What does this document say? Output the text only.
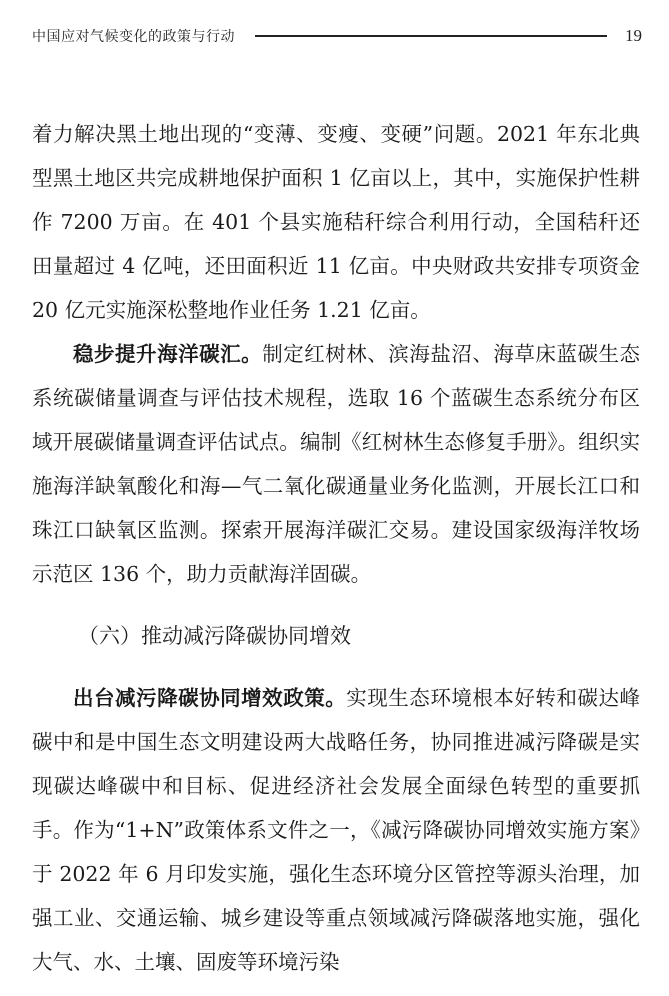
中国应对气候变化的政策与行动	19

着力解决黑土地出现的“变薄、变瘦、变硬”问题。2021 年东北典型黑土地区共完成耕地保护面积 1 亿亩以上，其中，实施保护性耕作 7200 万亩。在 401 个县实施秸秆综合利用行动，全国秸秆还田量超过 4 亿吨，还田面积近 11 亿亩。中央财政共安排专项资金 20 亿元实施深松整地作业任务 1.21 亿亩。

稳步提升海洋碳汇。制定红树林、滨海盐沼、海草床蓝碳生态系统碳储量调查与评估技术规程，选取 16 个蓝碳生态系统分布区域开展碳储量调查评估试点。编制《红树林生态修复手册》。组织实施海洋缺氧酸化和海—气二氧化碳通量业务化监测，开展长江口和珠江口缺氧区监测。探索开展海洋碳汇交易。建设国家级海洋牧场示范区 136 个，助力贡献海洋固碳。

（六）推动减污降碳协同增效

出台减污降碳协同增效政策。实现生态环境根本好转和碳达峰碳中和是中国生态文明建设两大战略任务，协同推进减污降碳是实现碳达峰碳中和目标、促进经济社会发展全面绿色转型的重要抓手。作为“1+N”政策体系文件之一，《减污降碳协同增效实施方案》于 2022 年 6 月印发实施，强化生态环境分区管控等源头治理，加强工业、交通运输、城乡建设等重点领域减污降碳落地实施，强化大气、水、土壤、固废等环境污染
